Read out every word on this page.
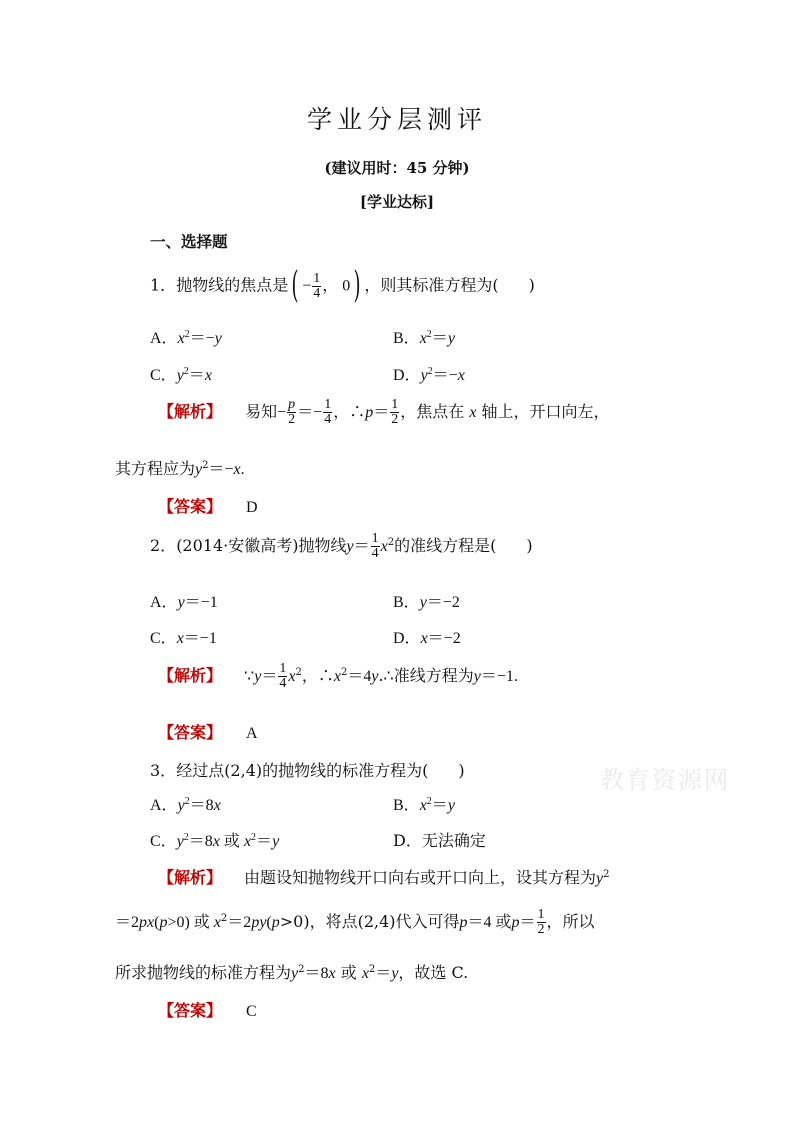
学业分层测评
(建议用时：45 分钟)
[学业达标]
一、选择题
教育资源网
1．抛物线的焦点是( − $\frac{1}{4}$ ， 0) ，则其标准方程为( )
A．$x^2=-y$	B．$x^2=y$
C．$y^2=x$	D．$y^2=-x$
【解析】 易知− $\frac{p}{2} =- \frac{1}{4}$ ，∴p＝ $\frac{1}{2}$ ，焦点在 x 轴上，开口向左，
其方程应为$y^2=-x$.
【答案】 D
2．(2014·安徽高考)抛物线$y= \frac{1}{4} x^2$的准线方程是( )
A．y＝−1	B．y＝−2
C．x＝−1	D．x＝−2
【解析】 ∵y＝ $\frac{1}{4} x^2$，$\therefore x^2=4y.\therefore$准线方程为y＝−1.
【答案】 A
3．经过点(2,4)的抛物线的标准方程为( )
A．$y^2=8x$	B．$x^2=y$
C．$y^2=8x$ 或 $x^2=y$	D．无法确定
【解析】 由题设知抛物线开口向右或开口向上，设其方程为$y^2$
＝2px(p>0) 或 $x^2=2py(p>0)$，将点(2,4)代入可得p＝4 或$p= \frac{1}{2}$ ，所以
所求抛物线的标准方程为$y^2=8x$ 或 $x^2=y$，故选 C.
【答案】 C
